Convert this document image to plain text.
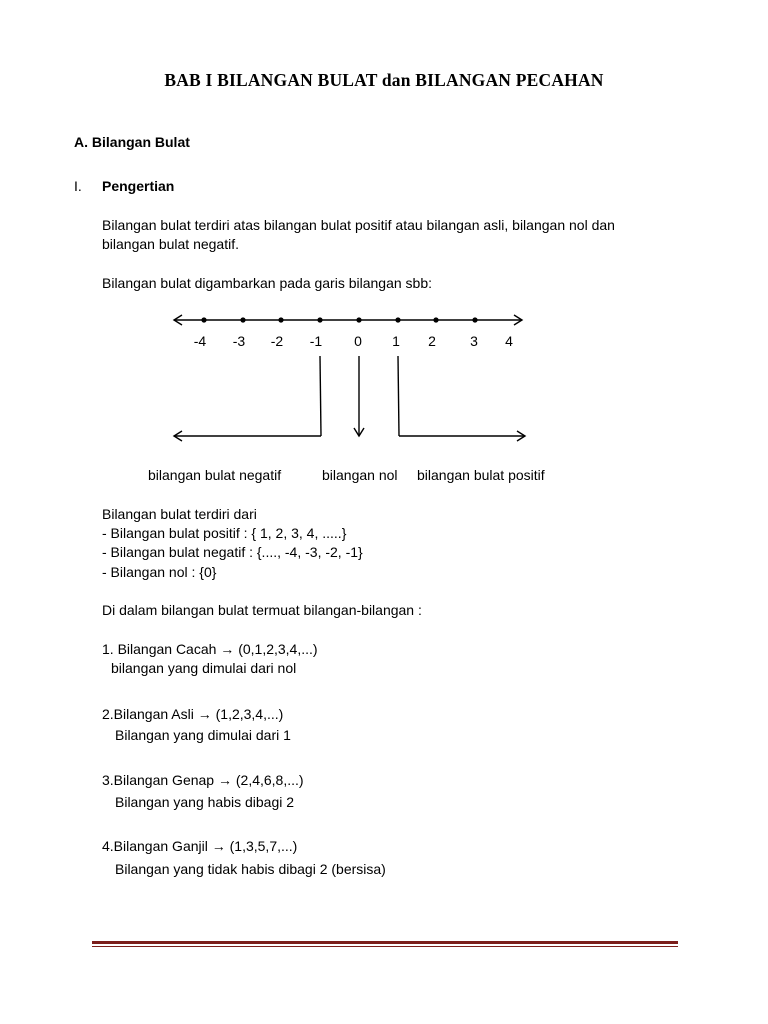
BAB I BILANGAN BULAT dan BILANGAN PECAHAN
A. Bilangan Bulat
I. Pengertian
Bilangan bulat terdiri atas bilangan bulat positif atau bilangan asli, bilangan nol dan
bilangan bulat negatif.
Bilangan bulat digambarkan pada garis bilangan sbb:
-4 -3 -2 -1 0 1 2 3 4
bilangan bulat negatif	bilangan nol bilangan bulat positif
Bilangan bulat terdiri dari
- Bilangan bulat positif : { 1, 2, 3, 4, .....}
- Bilangan bulat negatif : {...., -4, -3, -2, -1}
- Bilangan nol : {0}
Di dalam bilangan bulat termuat bilangan-bilangan :
1. Bilangan Cacah → (0,1,2,3,4,...)
bilangan yang dimulai dari nol
2.Bilangan Asli → (1,2,3,4,...)
Bilangan yang dimulai dari 1
3.Bilangan Genap → (2,4,6,8,...)
Bilangan yang habis dibagi 2
4.Bilangan Ganjil → (1,3,5,7,...)
Bilangan yang tidak habis dibagi 2 (bersisa)
